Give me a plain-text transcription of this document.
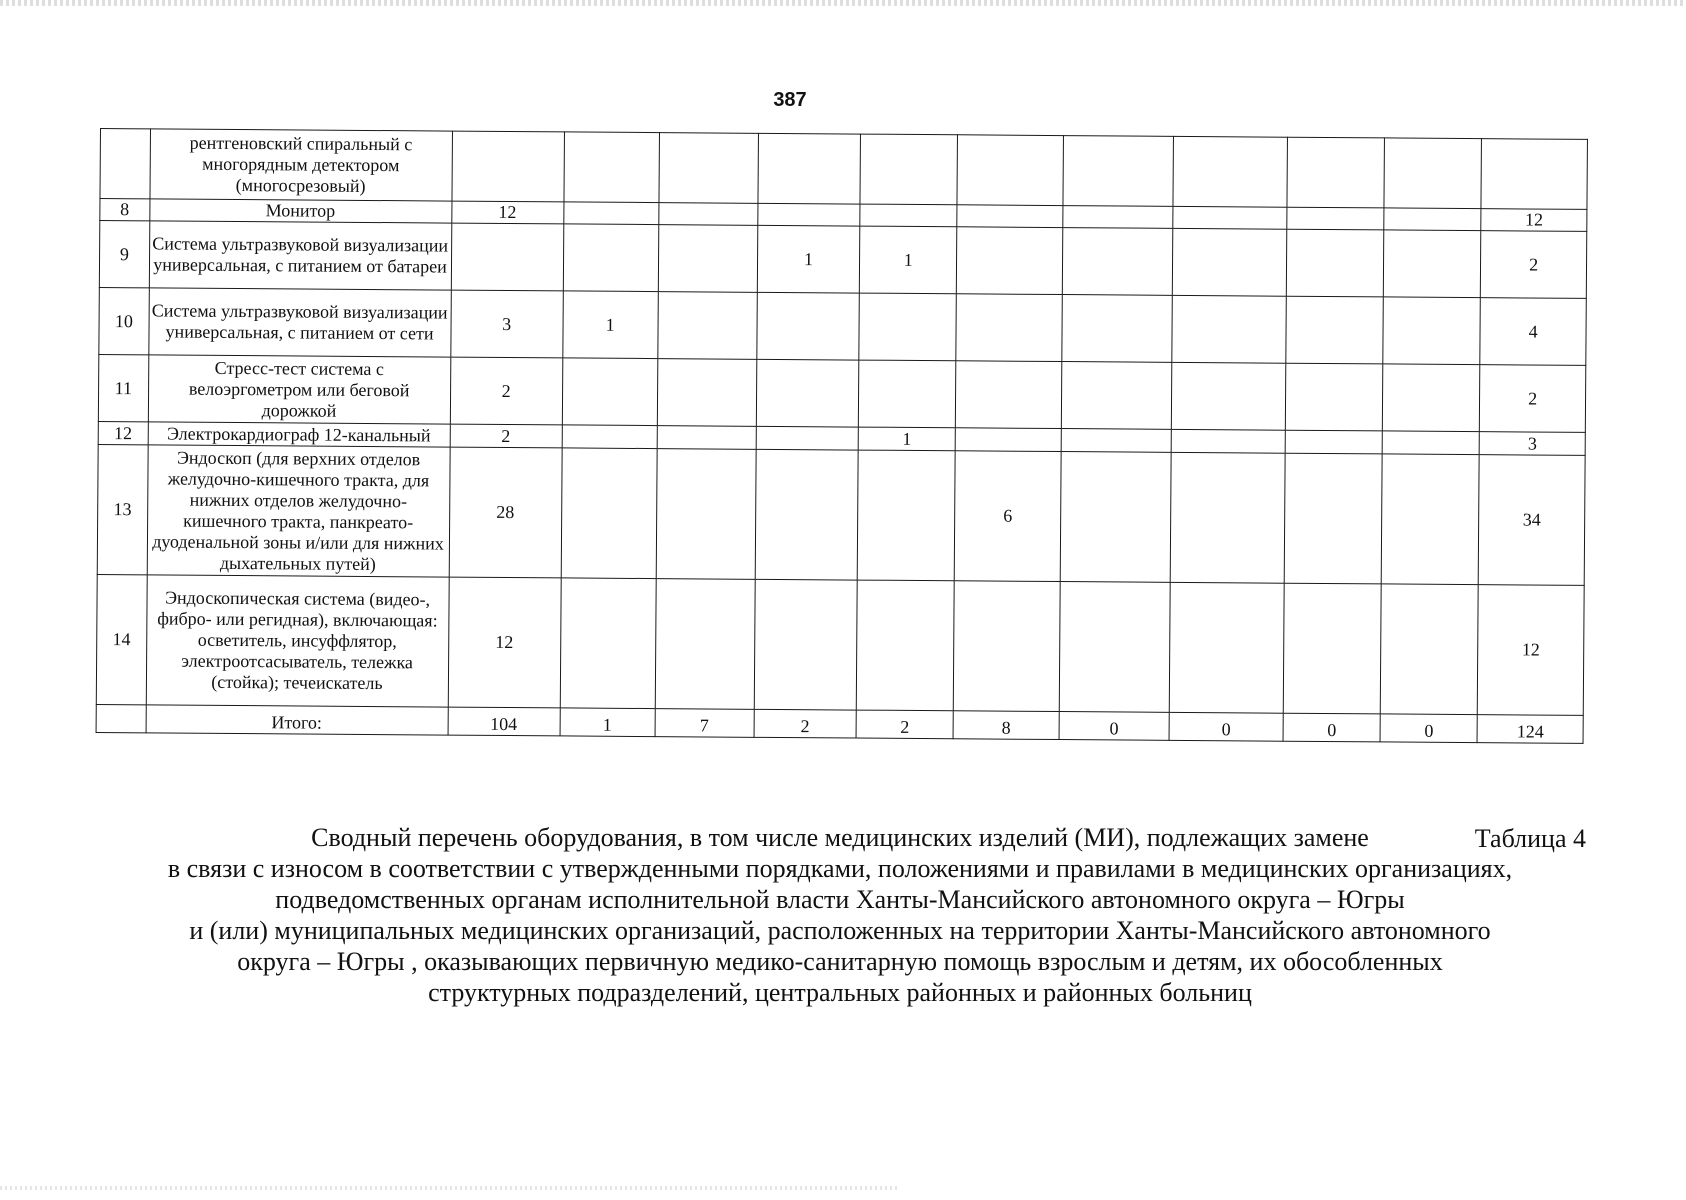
387
	рентгеновский спиральный с многорядным детектором (многосрезовый)											
8	Монитор	12										12
9	Система ультразвуковой визуализации универсальная, с питанием от батареи				1	1						2
10	Система ультразвуковой визуализации универсальная, с питанием от сети	3	1									4
11	Стресс-тест система с велоэргометром или беговой дорожкой	2										2
12	Электрокардиограф 12-канальный	2				1						3
13	Эндоскоп (для верхних отделов желудочно-кишечного тракта, для нижних отделов желудочно-кишечного тракта, панкреато-дуоденальной зоны и/или для нижних дыхательных путей)	28					6					34
14	Эндоскопическая система (видео-, фибро- или регидная), включающая: осветитель, инсуффлятор, электроотсасыватель, тележка (стойка); течеискатель	12										12
	Итого:	104	1	7	2	2	8	0	0	0	0	124
Таблица 4
Сводный перечень оборудования, в том числе медицинских изделий (МИ), подлежащих замене
в связи с износом в соответствии с утвержденными порядками, положениями и правилами в медицинских организациях,
подведомственных органам исполнительной власти Ханты-Мансийского автономного округа – Югры
и (или) муниципальных медицинских организаций, расположенных на территории Ханты-Мансийского автономного
округа – Югры , оказывающих первичную медико-санитарную помощь взрослым и детям, их обособленных
структурных подразделений, центральных районных и районных больниц
